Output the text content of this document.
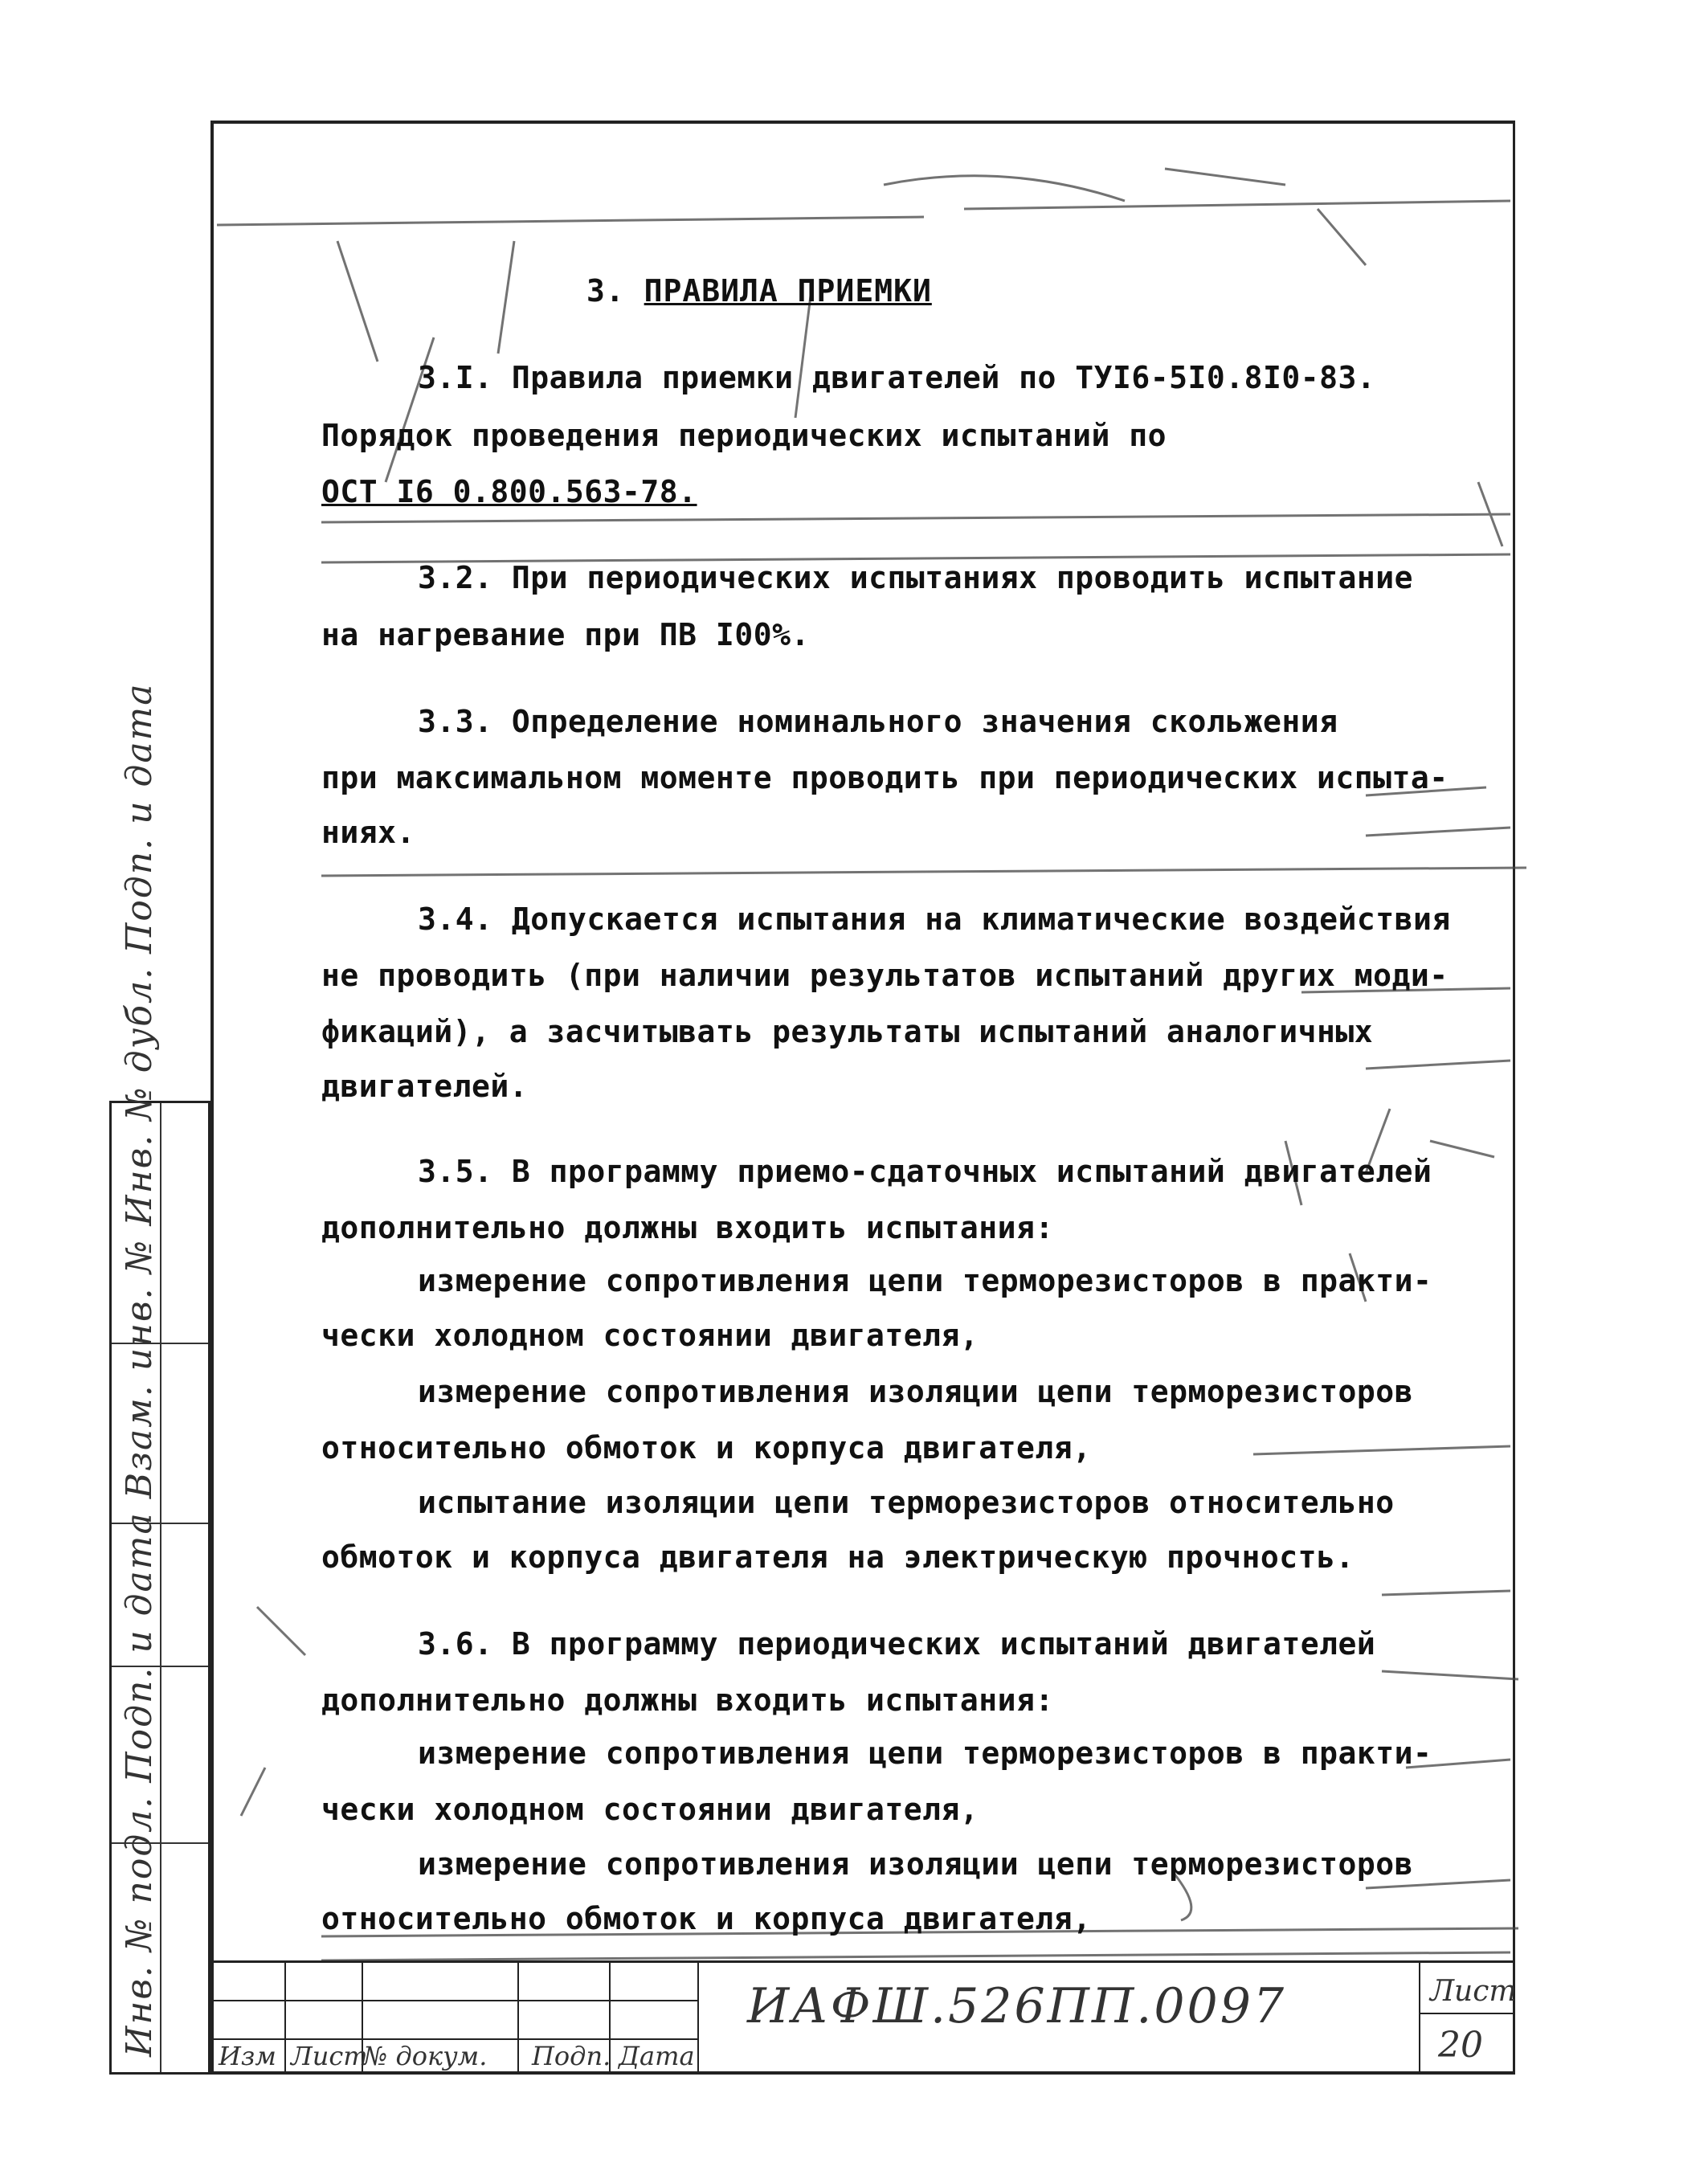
3. ПРАВИЛА ПРИЕМКИ
3.I. Правила приемки двигателей по ТУI6-5I0.8I0-83.
Порядок проведения периодических испытаний по
ОСТ I6 0.800.563-78.
3.2. При периодических испытаниях проводить испытание
на нагревание при ПВ I00%.
3.3. Определение номинального значения скольжения
при максимальном моменте проводить при периодических испыта-
ниях.
3.4. Допускается испытания на климатические воздействия
не проводить (при наличии результатов испытаний других моди-
фикаций), а засчитывать результаты испытаний аналогичных
двигателей.
3.5. В программу приемо-сдаточных испытаний двигателей
дополнительно должны входить испытания:
измерение сопротивления цепи терморезисторов в практи-
чески холодном состоянии двигателя,
измерение сопротивления изоляции цепи терморезисторов
относительно обмоток и корпуса двигателя,
испытание изоляции цепи терморезисторов относительно
обмоток и корпуса двигателя на электрическую прочность.
3.6. В программу периодических испытаний двигателей
дополнительно должны входить испытания:
измерение сопротивления цепи терморезисторов в практи-
чески холодном состоянии двигателя,
измерение сопротивления изоляции цепи терморезисторов
относительно обмоток и корпуса двигателя,
Инв. № подл. Подп. и дата Взам. инв. № Инв. № дубл. Подп. и дата	ИАФШ.526ПП.0097	Лист
20
Изм Лист
№ докум. Подп. Дата
